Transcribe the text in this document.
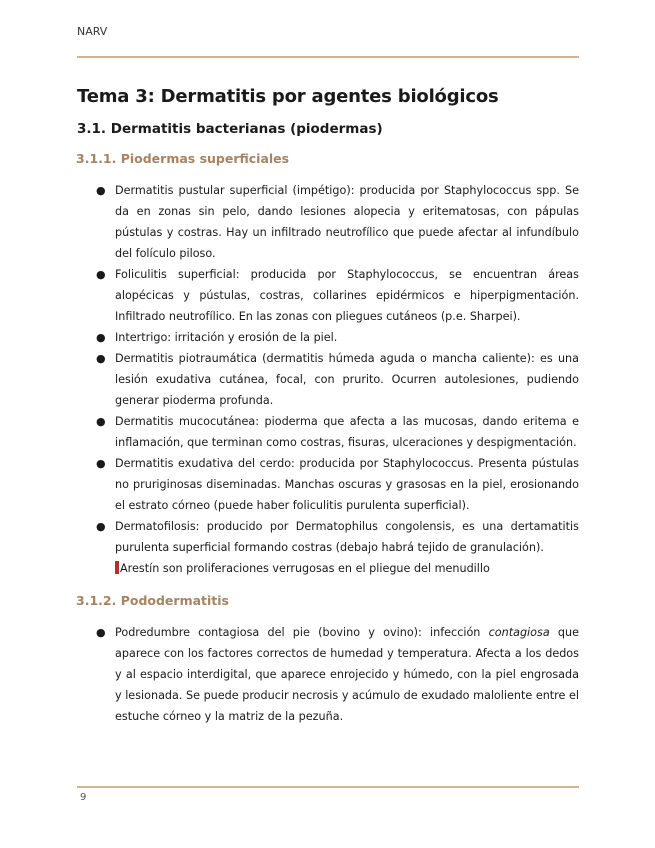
NARV
Tema 3: Dermatitis por agentes biológicos
3.1. Dermatitis bacterianas (piodermas)
3.1.1. Piodermas superficiales
● Dermatitis pustular superficial (impétigo): producida por Staphylococcus spp. Se da en zonas sin pelo, dando lesiones alopecia y eritematosas, con pápulas pústulas y costras. Hay un infiltrado neutrofílico que puede afectar al infundíbulo del folículo piloso.
● Foliculitis superficial: producida por Staphylococcus, se encuentran áreas alopécicas y pústulas, costras, collarines epidérmicos e hiperpigmentación. Infiltrado neutrofílico. En las zonas con pliegues cutáneos (p.e. Sharpei).
● Intertrigo: irritación y erosión de la piel.
● Dermatitis piotraumática (dermatitis húmeda aguda o mancha caliente): es una lesión exudativa cutánea, focal, con prurito. Ocurren autolesiones, pudiendo generar pioderma profunda.
● Dermatitis mucocutánea: pioderma que afecta a las mucosas, dando eritema e inflamación, que terminan como costras, fisuras, ulceraciones y despigmentación.
● Dermatitis exudativa del cerdo: producida por Staphylococcus. Presenta pústulas no pruriginosas diseminadas. Manchas oscuras y grasosas en la piel, erosionando el estrato córneo (puede haber foliculitis purulenta superficial).
● Dermatofilosis: producido por Dermatophilus congolensis, es una dertamatitis purulenta superficial formando costras (debajo habrá tejido de granulación).
Arestín son proliferaciones verrugosas en el pliegue del menudillo
3.1.2. Pododermatitis
● Podredumbre contagiosa del pie (bovino y ovino): infección contagiosa que aparece con los factores correctos de humedad y temperatura. Afecta a los dedos y al espacio interdigital, que aparece enrojecido y húmedo, con la piel engrosada y lesionada. Se puede producir necrosis y acúmulo de exudado maloliente entre el estuche córneo y la matriz de la pezuña.
9
